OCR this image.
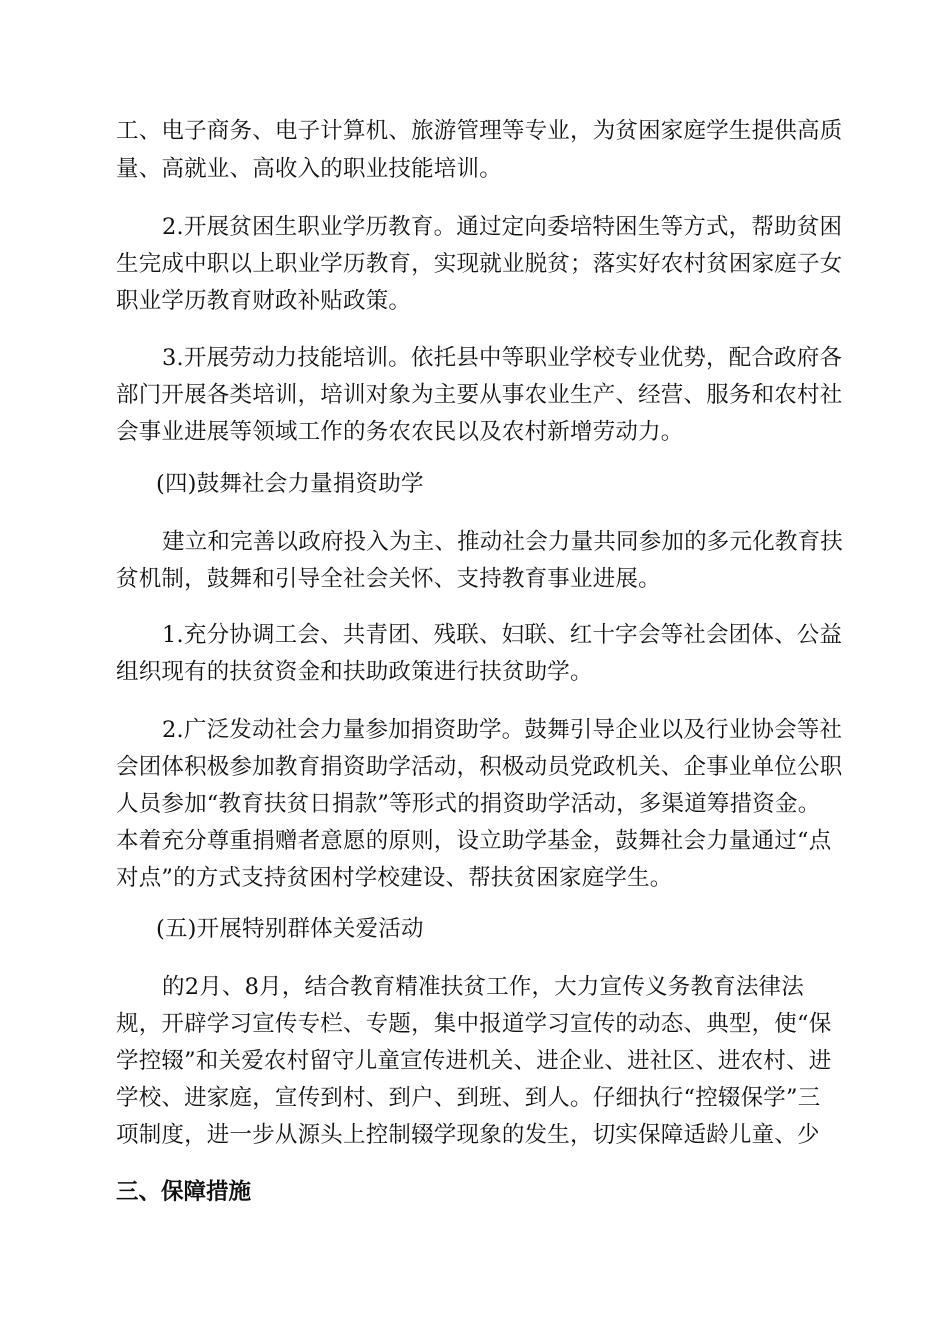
工、电子商务、电子计算机、旅游管理等专业，为贫困家庭学生提供高质
量、高就业、高收入的职业技能培训。
2.开展贫困生职业学历教育。通过定向委培特困生等方式，帮助贫困
生完成中职以上职业学历教育，实现就业脱贫；落实好农村贫困家庭子女
职业学历教育财政补贴政策。
3.开展劳动力技能培训。依托县中等职业学校专业优势，配合政府各
部门开展各类培训，培训对象为主要从事农业生产、经营、服务和农村社
会事业进展等领域工作的务农农民以及农村新增劳动力。
(四)鼓舞社会力量捐资助学
建立和完善以政府投入为主、推动社会力量共同参加的多元化教育扶
贫机制，鼓舞和引导全社会关怀、支持教育事业进展。
1.充分协调工会、共青团、残联、妇联、红十字会等社会团体、公益
组织现有的扶贫资金和扶助政策进行扶贫助学。
2.广泛发动社会力量参加捐资助学。鼓舞引导企业以及行业协会等社
会团体积极参加教育捐资助学活动，积极动员党政机关、企事业单位公职
人员参加“教育扶贫日捐款”等形式的捐资助学活动，多渠道筹措资金。
本着充分尊重捐赠者意愿的原则，设立助学基金，鼓舞社会力量通过“点
对点”的方式支持贫困村学校建设、帮扶贫困家庭学生。
(五)开展特别群体关爱活动
的2月、8月，结合教育精准扶贫工作，大力宣传义务教育法律法
规，开辟学习宣传专栏、专题，集中报道学习宣传的动态、典型，使“保
学控辍”和关爱农村留守儿童宣传进机关、进企业、进社区、进农村、进
学校、进家庭，宣传到村、到户、到班、到人。仔细执行“控辍保学”三
项制度，进一步从源头上控制辍学现象的发生，切实保障适龄儿童、少
三、保障措施
